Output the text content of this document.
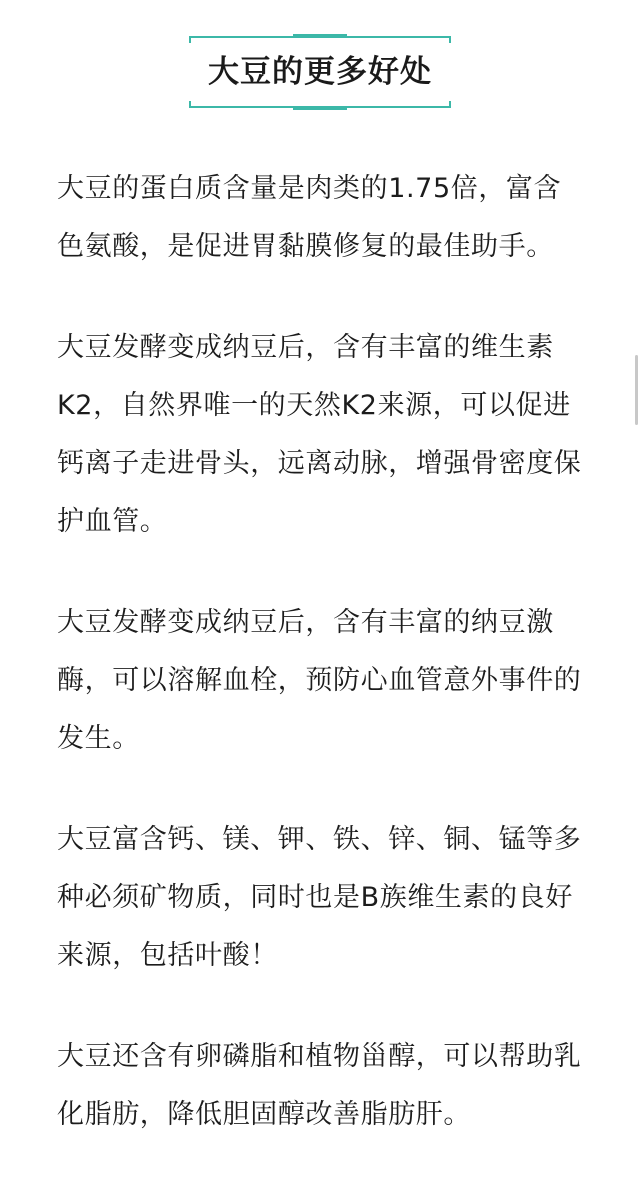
大豆的更多好处

大豆的蛋白质含量是肉类的1.75倍，富含色氨酸，是促进胃黏膜修复的最佳助手。

大豆发酵变成纳豆后，含有丰富的维生素K2，自然界唯一的天然K2来源，可以促进钙离子走进骨头，远离动脉，增强骨密度保护血管。

大豆发酵变成纳豆后，含有丰富的纳豆激酶，可以溶解血栓，预防心血管意外事件的发生。

大豆富含钙、镁、钾、铁、锌、铜、锰等多种必须矿物质，同时也是B族维生素的良好来源，包括叶酸！

大豆还含有卵磷脂和植物甾醇，可以帮助乳化脂肪，降低胆固醇改善脂肪肝。
